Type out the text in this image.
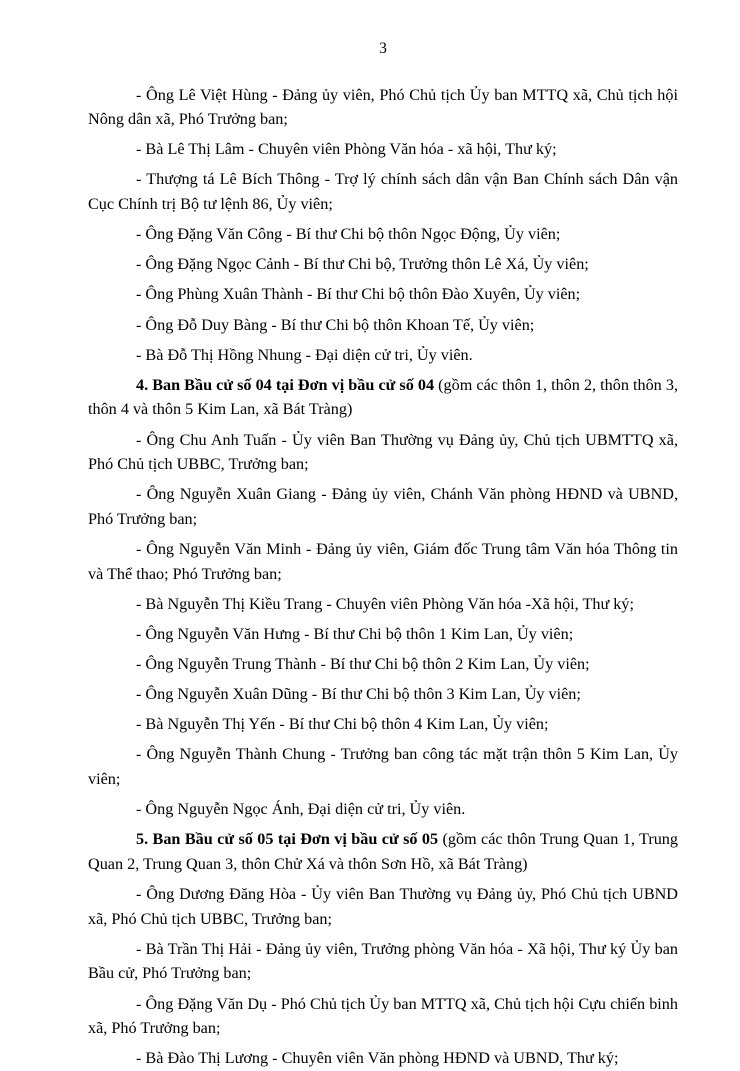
3
- Ông Lê Việt Hùng - Đảng ủy viên, Phó Chủ tịch Ủy ban MTTQ xã, Chủ tịch hội Nông dân xã, Phó Trưởng ban;
- Bà Lê Thị Lâm - Chuyên viên Phòng Văn hóa - xã hội, Thư ký;
- Thượng tá Lê Bích Thông - Trợ lý chính sách dân vận Ban Chính sách Dân vận Cục Chính trị Bộ tư lệnh 86, Ủy viên;
- Ông Đặng Văn Công - Bí thư Chi bộ thôn Ngọc Động, Ủy viên;
- Ông Đặng Ngọc Cảnh - Bí thư Chi bộ, Trưởng thôn Lê Xá, Ủy viên;
- Ông Phùng Xuân Thành - Bí thư Chi bộ thôn Đào Xuyên, Ủy viên;
- Ông Đỗ Duy Bàng - Bí thư Chi bộ thôn Khoan Tế, Ủy viên;
- Bà Đỗ Thị Hồng Nhung - Đại diện cử tri, Ủy viên.
4. Ban Bầu cử số 04 tại Đơn vị bầu cử số 04 (gồm các thôn 1, thôn 2, thôn thôn 3, thôn 4 và thôn 5 Kim Lan, xã Bát Tràng)
- Ông Chu Anh Tuấn - Ủy viên Ban Thường vụ Đảng ủy, Chủ tịch UBMTTQ xã, Phó Chủ tịch UBBC, Trưởng ban;
- Ông Nguyễn Xuân Giang - Đảng ủy viên, Chánh Văn phòng HĐND và UBND, Phó Trưởng ban;
- Ông Nguyễn Văn Minh - Đảng ủy viên, Giám đốc Trung tâm Văn hóa Thông tin và Thể thao; Phó Trưởng ban;
- Bà Nguyễn Thị Kiều Trang - Chuyên viên Phòng Văn hóa -Xã hội, Thư ký;
- Ông Nguyễn Văn Hưng - Bí thư Chi bộ thôn 1 Kim Lan, Ủy viên;
- Ông Nguyễn Trung Thành - Bí thư Chi bộ thôn 2 Kim Lan, Ủy viên;
- Ông Nguyễn Xuân Dũng - Bí thư Chi bộ thôn 3 Kim Lan, Ủy viên;
- Bà Nguyễn Thị Yến - Bí thư Chi bộ thôn 4 Kim Lan, Ủy viên;
- Ông Nguyễn Thành Chung - Trưởng ban công tác mặt trận thôn 5 Kim Lan, Ủy viên;
- Ông Nguyễn Ngọc Ánh, Đại diện cử tri, Ủy viên.
5. Ban Bầu cử số 05 tại Đơn vị bầu cử số 05 (gồm các thôn Trung Quan 1, Trung Quan 2, Trung Quan 3, thôn Chử Xá và thôn Sơn Hồ, xã Bát Tràng)
- Ông Dương Đăng Hòa - Ủy viên Ban Thường vụ Đảng ủy, Phó Chủ tịch UBND xã, Phó Chủ tịch UBBC, Trưởng ban;
- Bà Trần Thị Hải - Đảng ủy viên, Trưởng phòng Văn hóa - Xã hội, Thư ký Ủy ban Bầu cử, Phó Trưởng ban;
- Ông Đặng Văn Dụ - Phó Chủ tịch Ủy ban MTTQ xã, Chủ tịch hội Cựu chiến binh xã, Phó Trưởng ban;
- Bà Đào Thị Lương - Chuyên viên Văn phòng HĐND và UBND, Thư ký;
